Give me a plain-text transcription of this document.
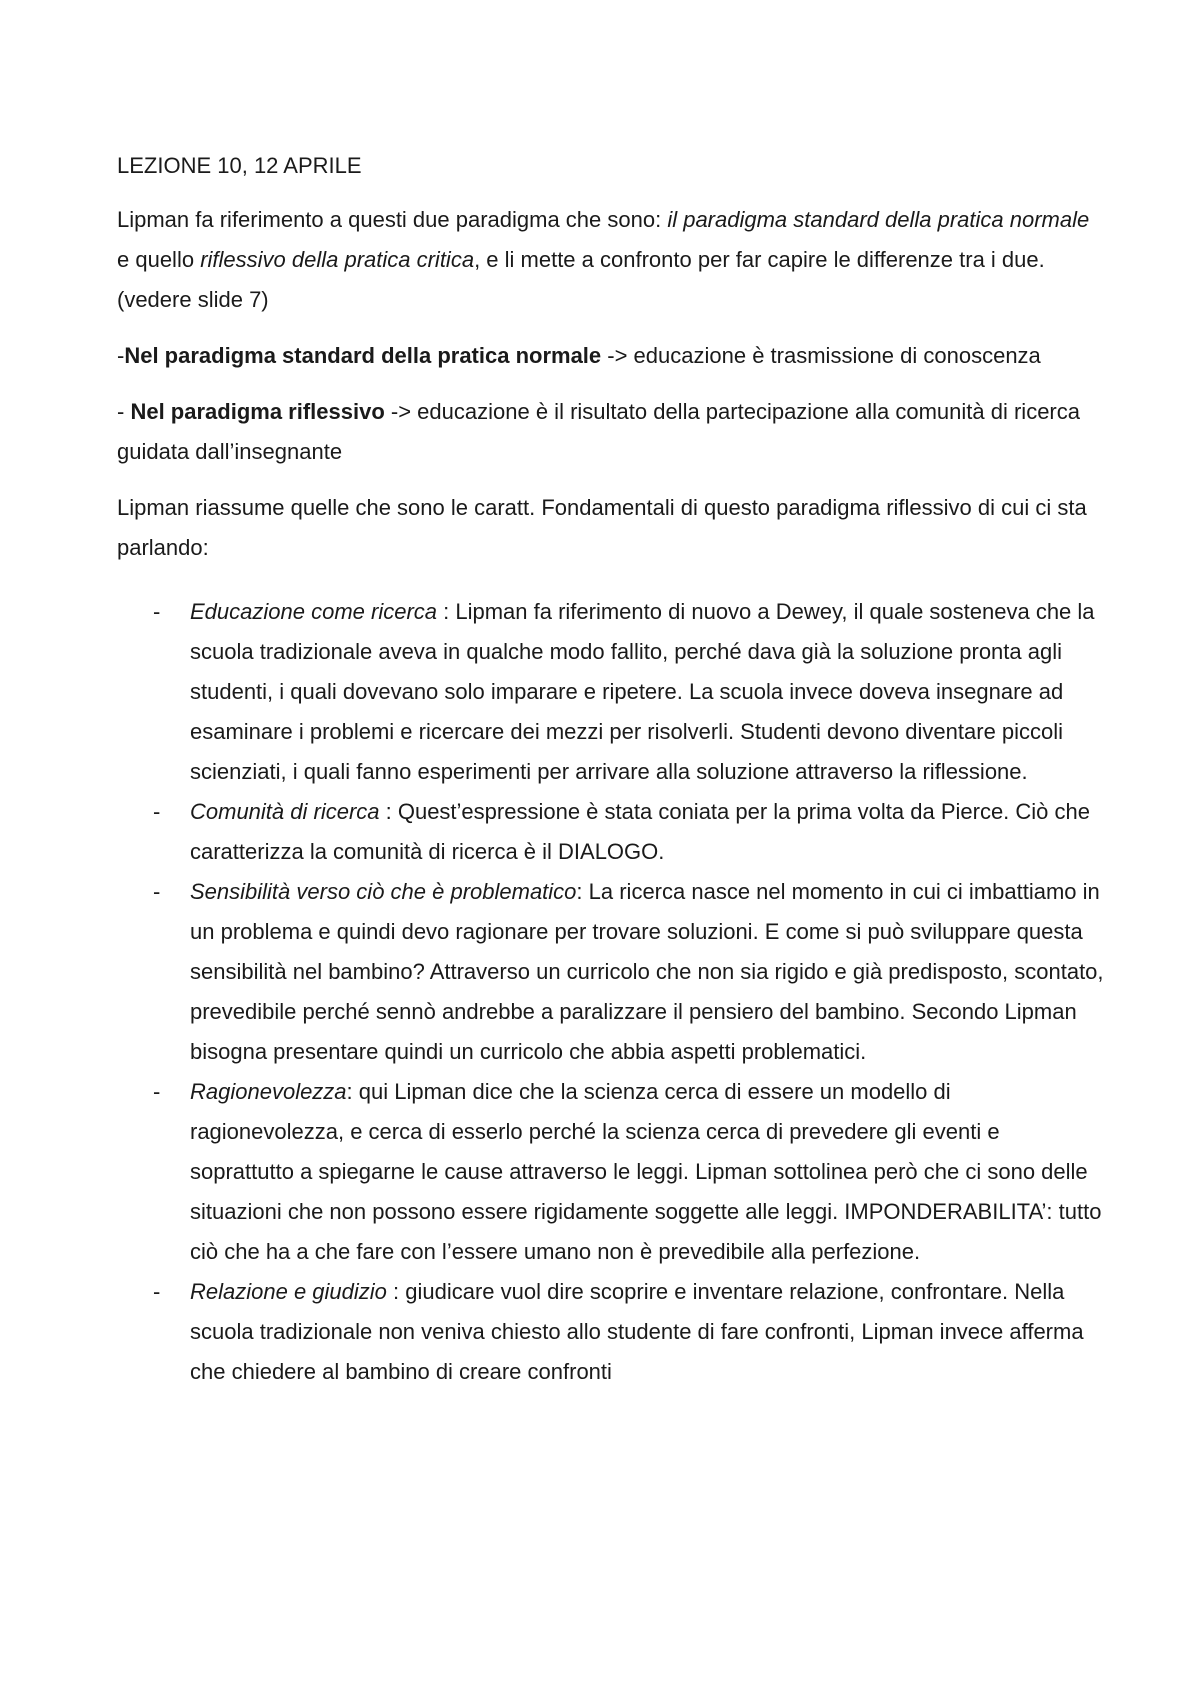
LEZIONE 10, 12 APRILE

Lipman fa riferimento a questi due paradigma che sono: il paradigma standard della pratica normale e quello riflessivo della pratica critica, e li mette a confronto per far capire le differenze tra i due. (vedere slide 7)

-Nel paradigma standard della pratica normale -> educazione è trasmissione di conoscenza

- Nel paradigma riflessivo -> educazione è il risultato della partecipazione alla comunità di ricerca guidata dall’insegnante

Lipman riassume quelle che sono le caratt. Fondamentali di questo paradigma riflessivo di cui ci sta parlando:

- Educazione come ricerca : Lipman fa riferimento di nuovo a Dewey, il quale sosteneva che la scuola tradizionale aveva in qualche modo fallito, perché dava già la soluzione pronta agli studenti, i quali dovevano solo imparare e ripetere. La scuola invece doveva insegnare ad esaminare i problemi e ricercare dei mezzi per risolverli. Studenti devono diventare piccoli scienziati, i quali fanno esperimenti per arrivare alla soluzione attraverso la riflessione.
- Comunità di ricerca : Quest’espressione è stata coniata per la prima volta da Pierce. Ciò che caratterizza la comunità di ricerca è il DIALOGO.
- Sensibilità verso ciò che è problematico: La ricerca nasce nel momento in cui ci imbattiamo in un problema e quindi devo ragionare per trovare soluzioni. E come si può sviluppare questa sensibilità nel bambino? Attraverso un curricolo che non sia rigido e già predisposto, scontato, prevedibile perché sennò andrebbe a paralizzare il pensiero del bambino. Secondo Lipman bisogna presentare quindi un curricolo che abbia aspetti problematici.
- Ragionevolezza: qui Lipman dice che la scienza cerca di essere un modello di ragionevolezza, e cerca di esserlo perché la scienza cerca di prevedere gli eventi e soprattutto a spiegarne le cause attraverso le leggi. Lipman sottolinea però che ci sono delle situazioni che non possono essere rigidamente soggette alle leggi. IMPONDERABILITA’: tutto ciò che ha a che fare con l’essere umano non è prevedibile alla perfezione.
- Relazione e giudizio : giudicare vuol dire scoprire e inventare relazione, confrontare. Nella scuola tradizionale non veniva chiesto allo studente di fare confronti, Lipman invece afferma che chiedere al bambino di creare confronti
